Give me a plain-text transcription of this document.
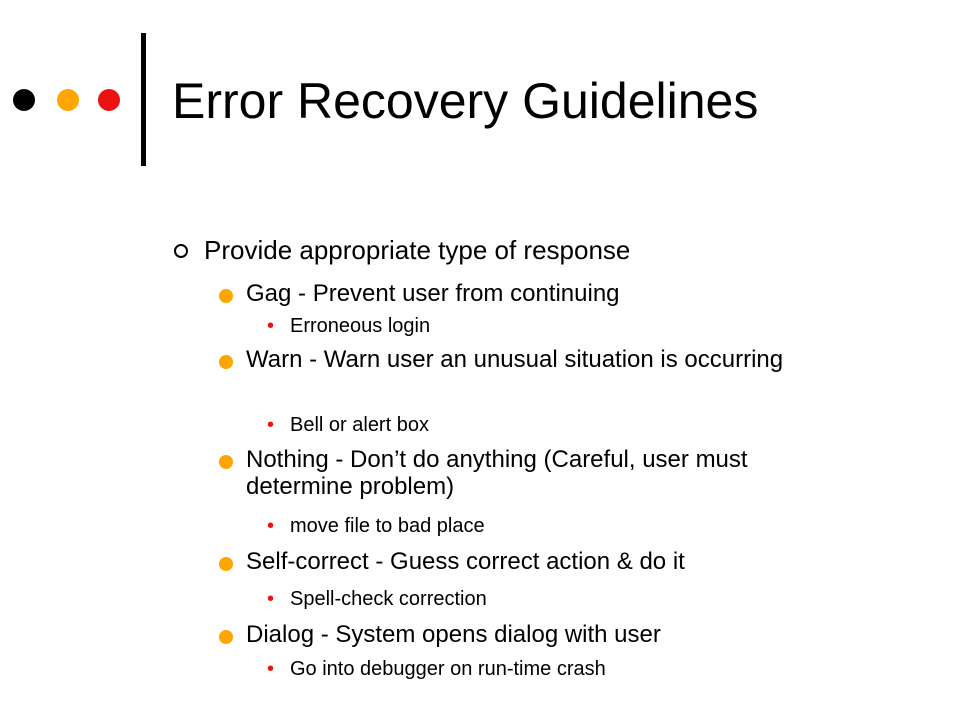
Error Recovery Guidelines
Provide appropriate type of response
Gag - Prevent user from continuing
• Erroneous login
Warn - Warn user an unusual situation is occurring
• Bell or alert box
Nothing - Don’t do anything (Careful, user must determine problem)
• move file to bad place
Self-correct - Guess correct action & do it
• Spell-check correction
Dialog - System opens dialog with user
• Go into debugger on run-time crash
